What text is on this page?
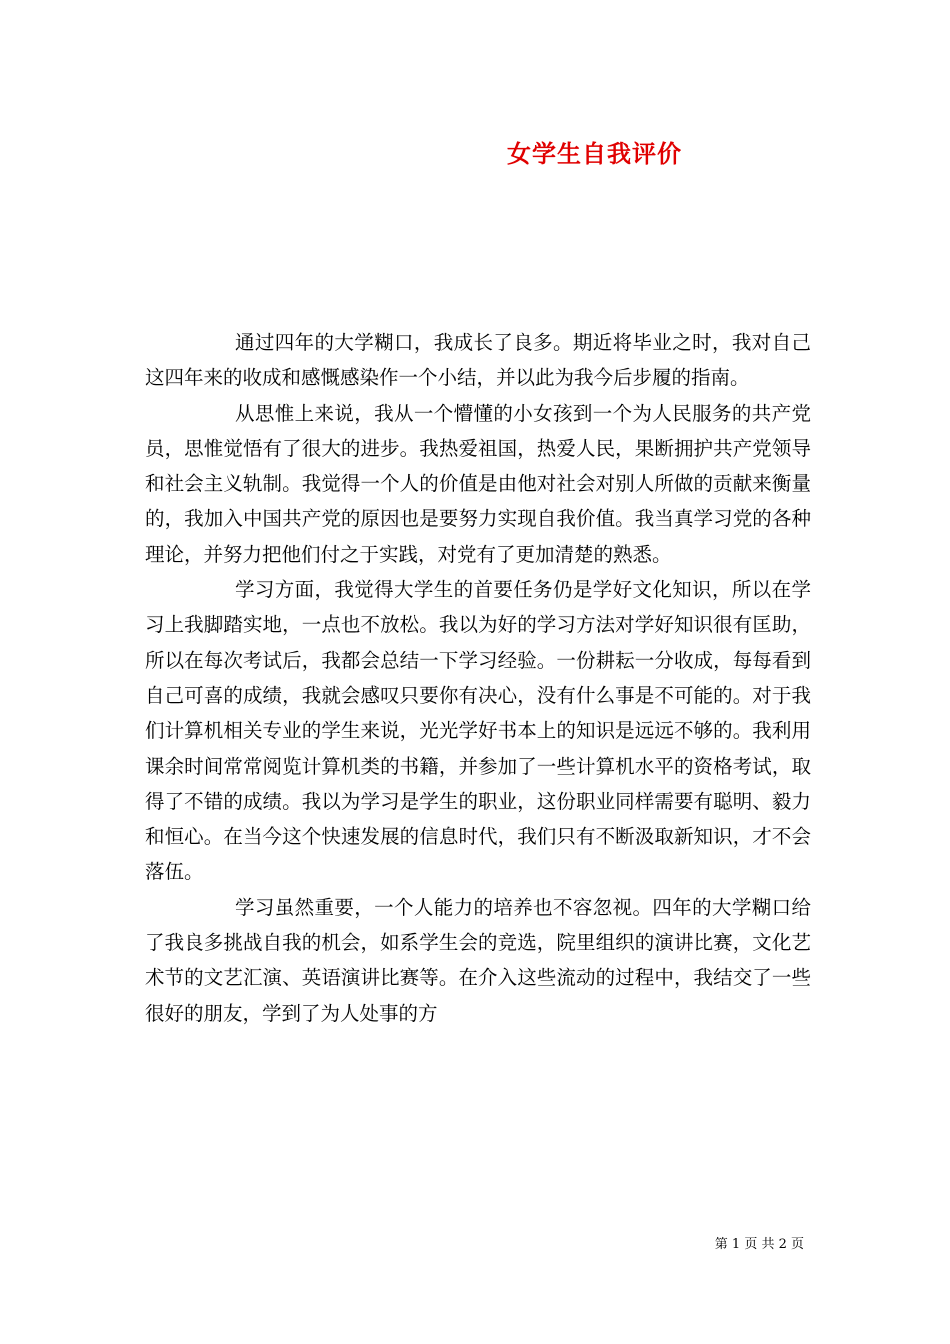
女学生自我评价

通过四年的大学糊口，我成长了良多。期近将毕业之时，我对自己这四年来的收成和感慨感染作一个小结，并以此为我今后步履的指南。

从思惟上来说，我从一个懵懂的小女孩到一个为人民服务的共产党员，思惟觉悟有了很大的进步。我热爱祖国，热爱人民，果断拥护共产党领导和社会主义轨制。我觉得一个人的价值是由他对社会对别人所做的贡献来衡量的，我加入中国共产党的原因也是要努力实现自我价值。我当真学习党的各种理论，并努力把他们付之于实践，对党有了更加清楚的熟悉。

学习方面，我觉得大学生的首要任务仍是学好文化知识，所以在学习上我脚踏实地，一点也不放松。我以为好的学习方法对学好知识很有匡助，所以在每次考试后，我都会总结一下学习经验。一份耕耘一分收成，每每看到自己可喜的成绩，我就会感叹只要你有决心，没有什么事是不可能的。对于我们计算机相关专业的学生来说，光光学好书本上的知识是远远不够的。我利用课余时间常常阅览计算机类的书籍，并参加了一些计算机水平的资格考试，取得了不错的成绩。我以为学习是学生的职业，这份职业同样需要有聪明、毅力和恒心。在当今这个快速发展的信息时代，我们只有不断汲取新知识，才不会落伍。

学习虽然重要，一个人能力的培养也不容忽视。四年的大学糊口给了我良多挑战自我的机会，如系学生会的竞选，院里组织的演讲比赛，文化艺术节的文艺汇演、英语演讲比赛等。在介入这些流动的过程中，我结交了一些很好的朋友，学到了为人处事的方

第 1 页 共 2 页
